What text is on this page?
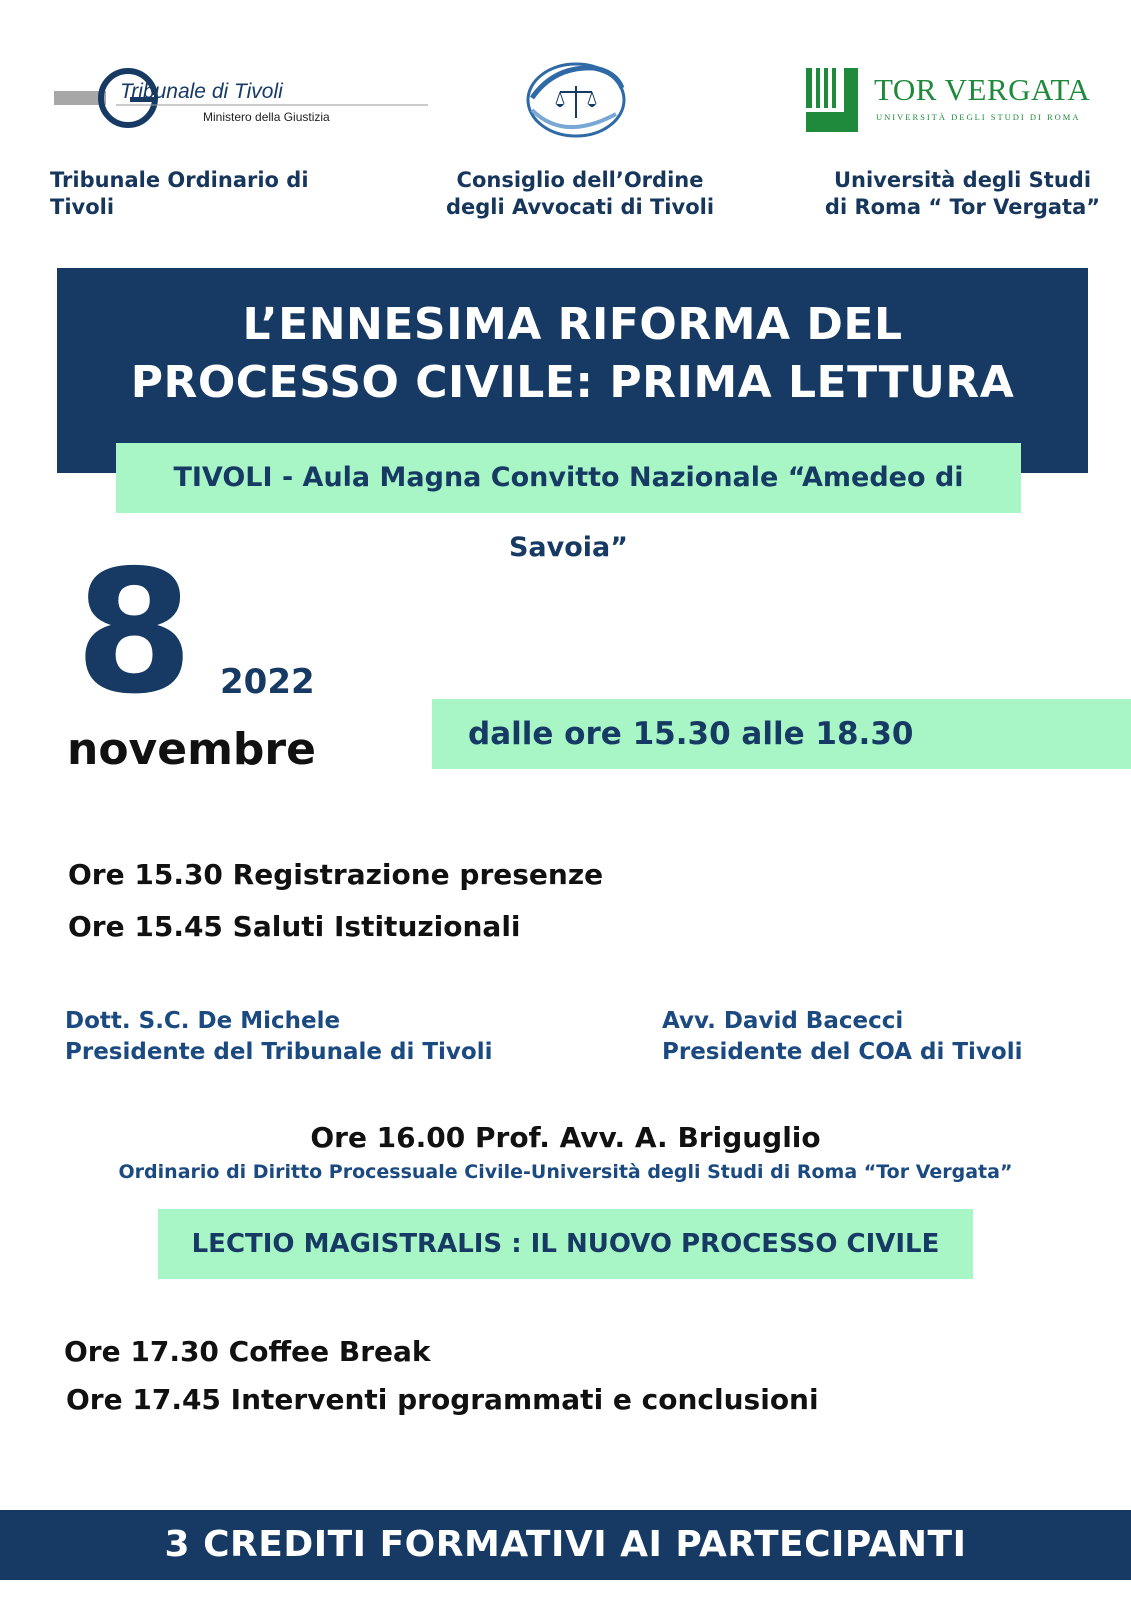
Tribunale di Tivoli
Ministero della Giustizia
TOR VERGATA
UNIVERSITÀ DEGLI STUDI DI ROMA
Tribunale Ordinario di Tivoli
Consiglio dell’Ordine
degli Avvocati di Tivoli
Università degli Studi
di Roma “ Tor Vergata”
L’ENNESIMA RIFORMA DEL
PROCESSO CIVILE: PRIMA LETTURA
TIVOLI - Aula Magna Convitto Nazionale “Amedeo di Savoia”
8 2022
novembre	dalle ore 15.30 alle 18.30
Ore 15.30 Registrazione presenze
Ore 15.45 Saluti Istituzionali
Dott. S.C. De Michele
Presidente del Tribunale di Tivoli
Avv. David Bacecci
Presidente del COA di Tivoli
Ore 16.00 Prof. Avv. A. Briguglio
Ordinario di Diritto Processuale Civile-Università degli Studi di Roma “Tor Vergata”
LECTIO MAGISTRALIS : IL NUOVO PROCESSO CIVILE
Ore 17.30 Coffee Break
Ore 17.45 Interventi programmati e conclusioni
3 CREDITI FORMATIVI AI PARTECIPANTI
